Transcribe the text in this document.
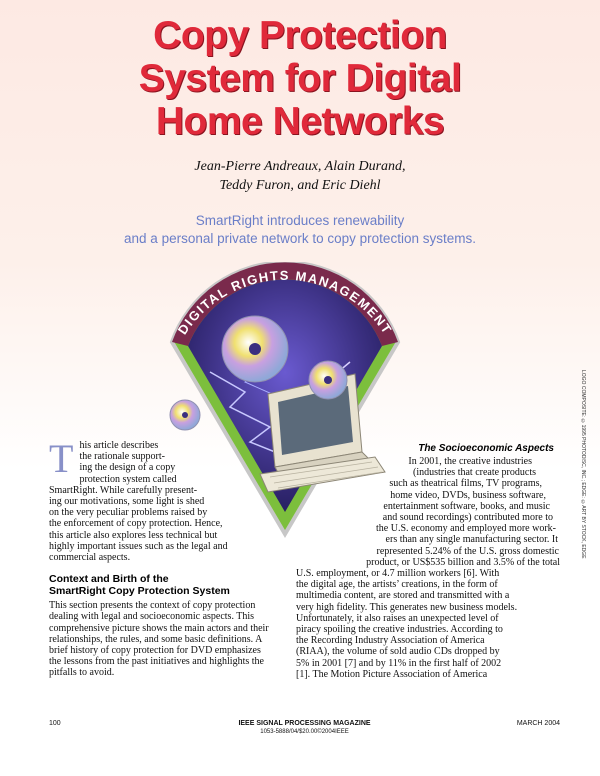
Copy Protection
System for Digital
Home Networks
Jean-Pierre Andreaux, Alain Durand,
Teddy Furon, and Eric Diehl
SmartRight introduces renewability
and a personal private network to copy protection systems.
DIGITAL RIGHTS MANAGEMENT
LOGO COMPOSITE: ©1995 PHOTODISC, INC.; EDGE: ©ART BY STOCK, EDGE
T his article describes
the rationale support-
ing the design of a copy
protection system called
SmartRight. While carefully present-
ing our motivations, some light is shed
on the very peculiar problems raised by
the enforcement of copy protection. Hence,
this article also explores less technical but
highly important issues such as the legal and
commercial aspects.
Context and Birth of the
SmartRight Copy Protection System
This section presents the context of copy protection
dealing with legal and socioeconomic aspects. This
comprehensive picture shows the main actors and their
relationships, the rules, and some basic definitions. A
brief history of copy protection for DVD emphasizes
the lessons from the past initiatives and highlights the
pitfalls to avoid.
The Socioeconomic Aspects
In 2001, the creative industries
(industries that create products
such as theatrical films, TV programs,
home video, DVDs, business software,
entertainment software, books, and music
and sound recordings) contributed more to
the U.S. economy and employed more work-
ers than any single manufacturing sector. It
represented 5.24% of the U.S. gross domestic
product, or US$535 billion and 3.5% of the total
U.S. employment, or 4.7 million workers [6]. With
the digital age, the artists’ creations, in the form of
multimedia content, are stored and transmitted with a
very high fidelity. This generates new business models.
Unfortunately, it also raises an unexpected level of
piracy spoiling the creative industries. According to
the Recording Industry Association of America
(RIAA), the volume of sold audio CDs dropped by
5% in 2001 [7] and by 11% in the first half of 2002
[1]. The Motion Picture Association of America
100	IEEE SIGNAL PROCESSING MAGAZINE	MARCH 2004
1053-5888/04/$20.00©2004IEEE
